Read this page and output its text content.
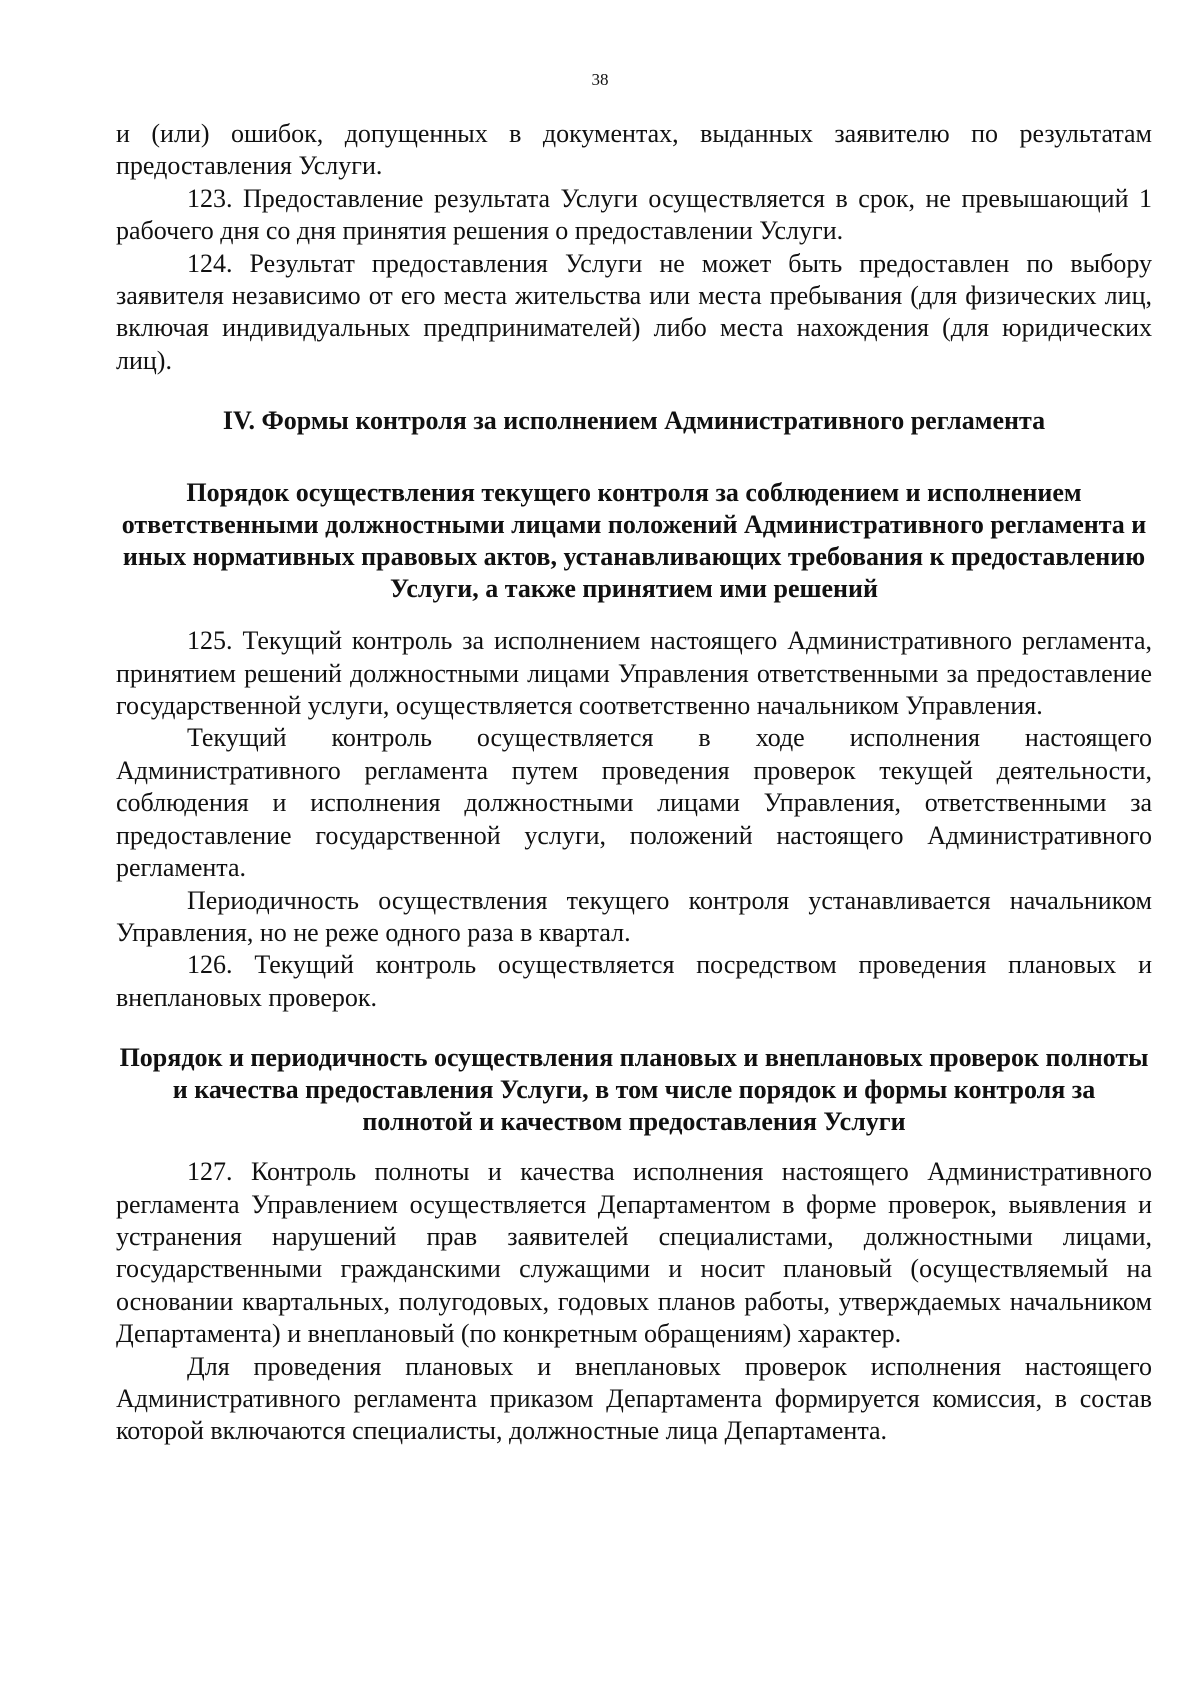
38

и (или) ошибок, допущенных в документах, выданных заявителю по результатам предоставления Услуги.

123. Предоставление результата Услуги осуществляется в срок, не превышающий 1 рабочего дня со дня принятия решения о предоставлении Услуги.

124. Результат предоставления Услуги не может быть предоставлен по выбору заявителя независимо от его места жительства или места пребывания (для физических лиц, включая индивидуальных предпринимателей) либо места нахождения (для юридических лиц).

IV. Формы контроля за исполнением Административного регламента
Порядок осуществления текущего контроля за соблюдением и исполнением ответственными должностными лицами положений Административного регламента и иных нормативных правовых актов, устанавливающих требования к предоставлению Услуги, а также принятием ими решений

125. Текущий контроль за исполнением настоящего Административного регламента, принятием решений должностными лицами Управления ответственными за предоставление государственной услуги, осуществляется соответственно начальником Управления.

Текущий контроль осуществляется в ходе исполнения настоящего Административного регламента путем проведения проверок текущей деятельности, соблюдения и исполнения должностными лицами Управления, ответственными за предоставление государственной услуги, положений настоящего Административного регламента.

Периодичность осуществления текущего контроля устанавливается начальником Управления, но не реже одного раза в квартал.

126. Текущий контроль осуществляется посредством проведения плановых и внеплановых проверок.

Порядок и периодичность осуществления плановых и внеплановых проверок полноты и качества предоставления Услуги, в том числе порядок и формы контроля за полнотой и качеством предоставления Услуги

127. Контроль полноты и качества исполнения настоящего Административного регламента Управлением осуществляется Департаментом в форме проверок, выявления и устранения нарушений прав заявителей специалистами, должностными лицами, государственными гражданскими служащими и носит плановый (осуществляемый на основании квартальных, полугодовых, годовых планов работы, утверждаемых начальником Департамента) и внеплановый (по конкретным обращениям) характер.

Для проведения плановых и внеплановых проверок исполнения настоящего Административного регламента приказом Департамента формируется комиссия, в состав которой включаются специалисты, должностные лица Департамента.
